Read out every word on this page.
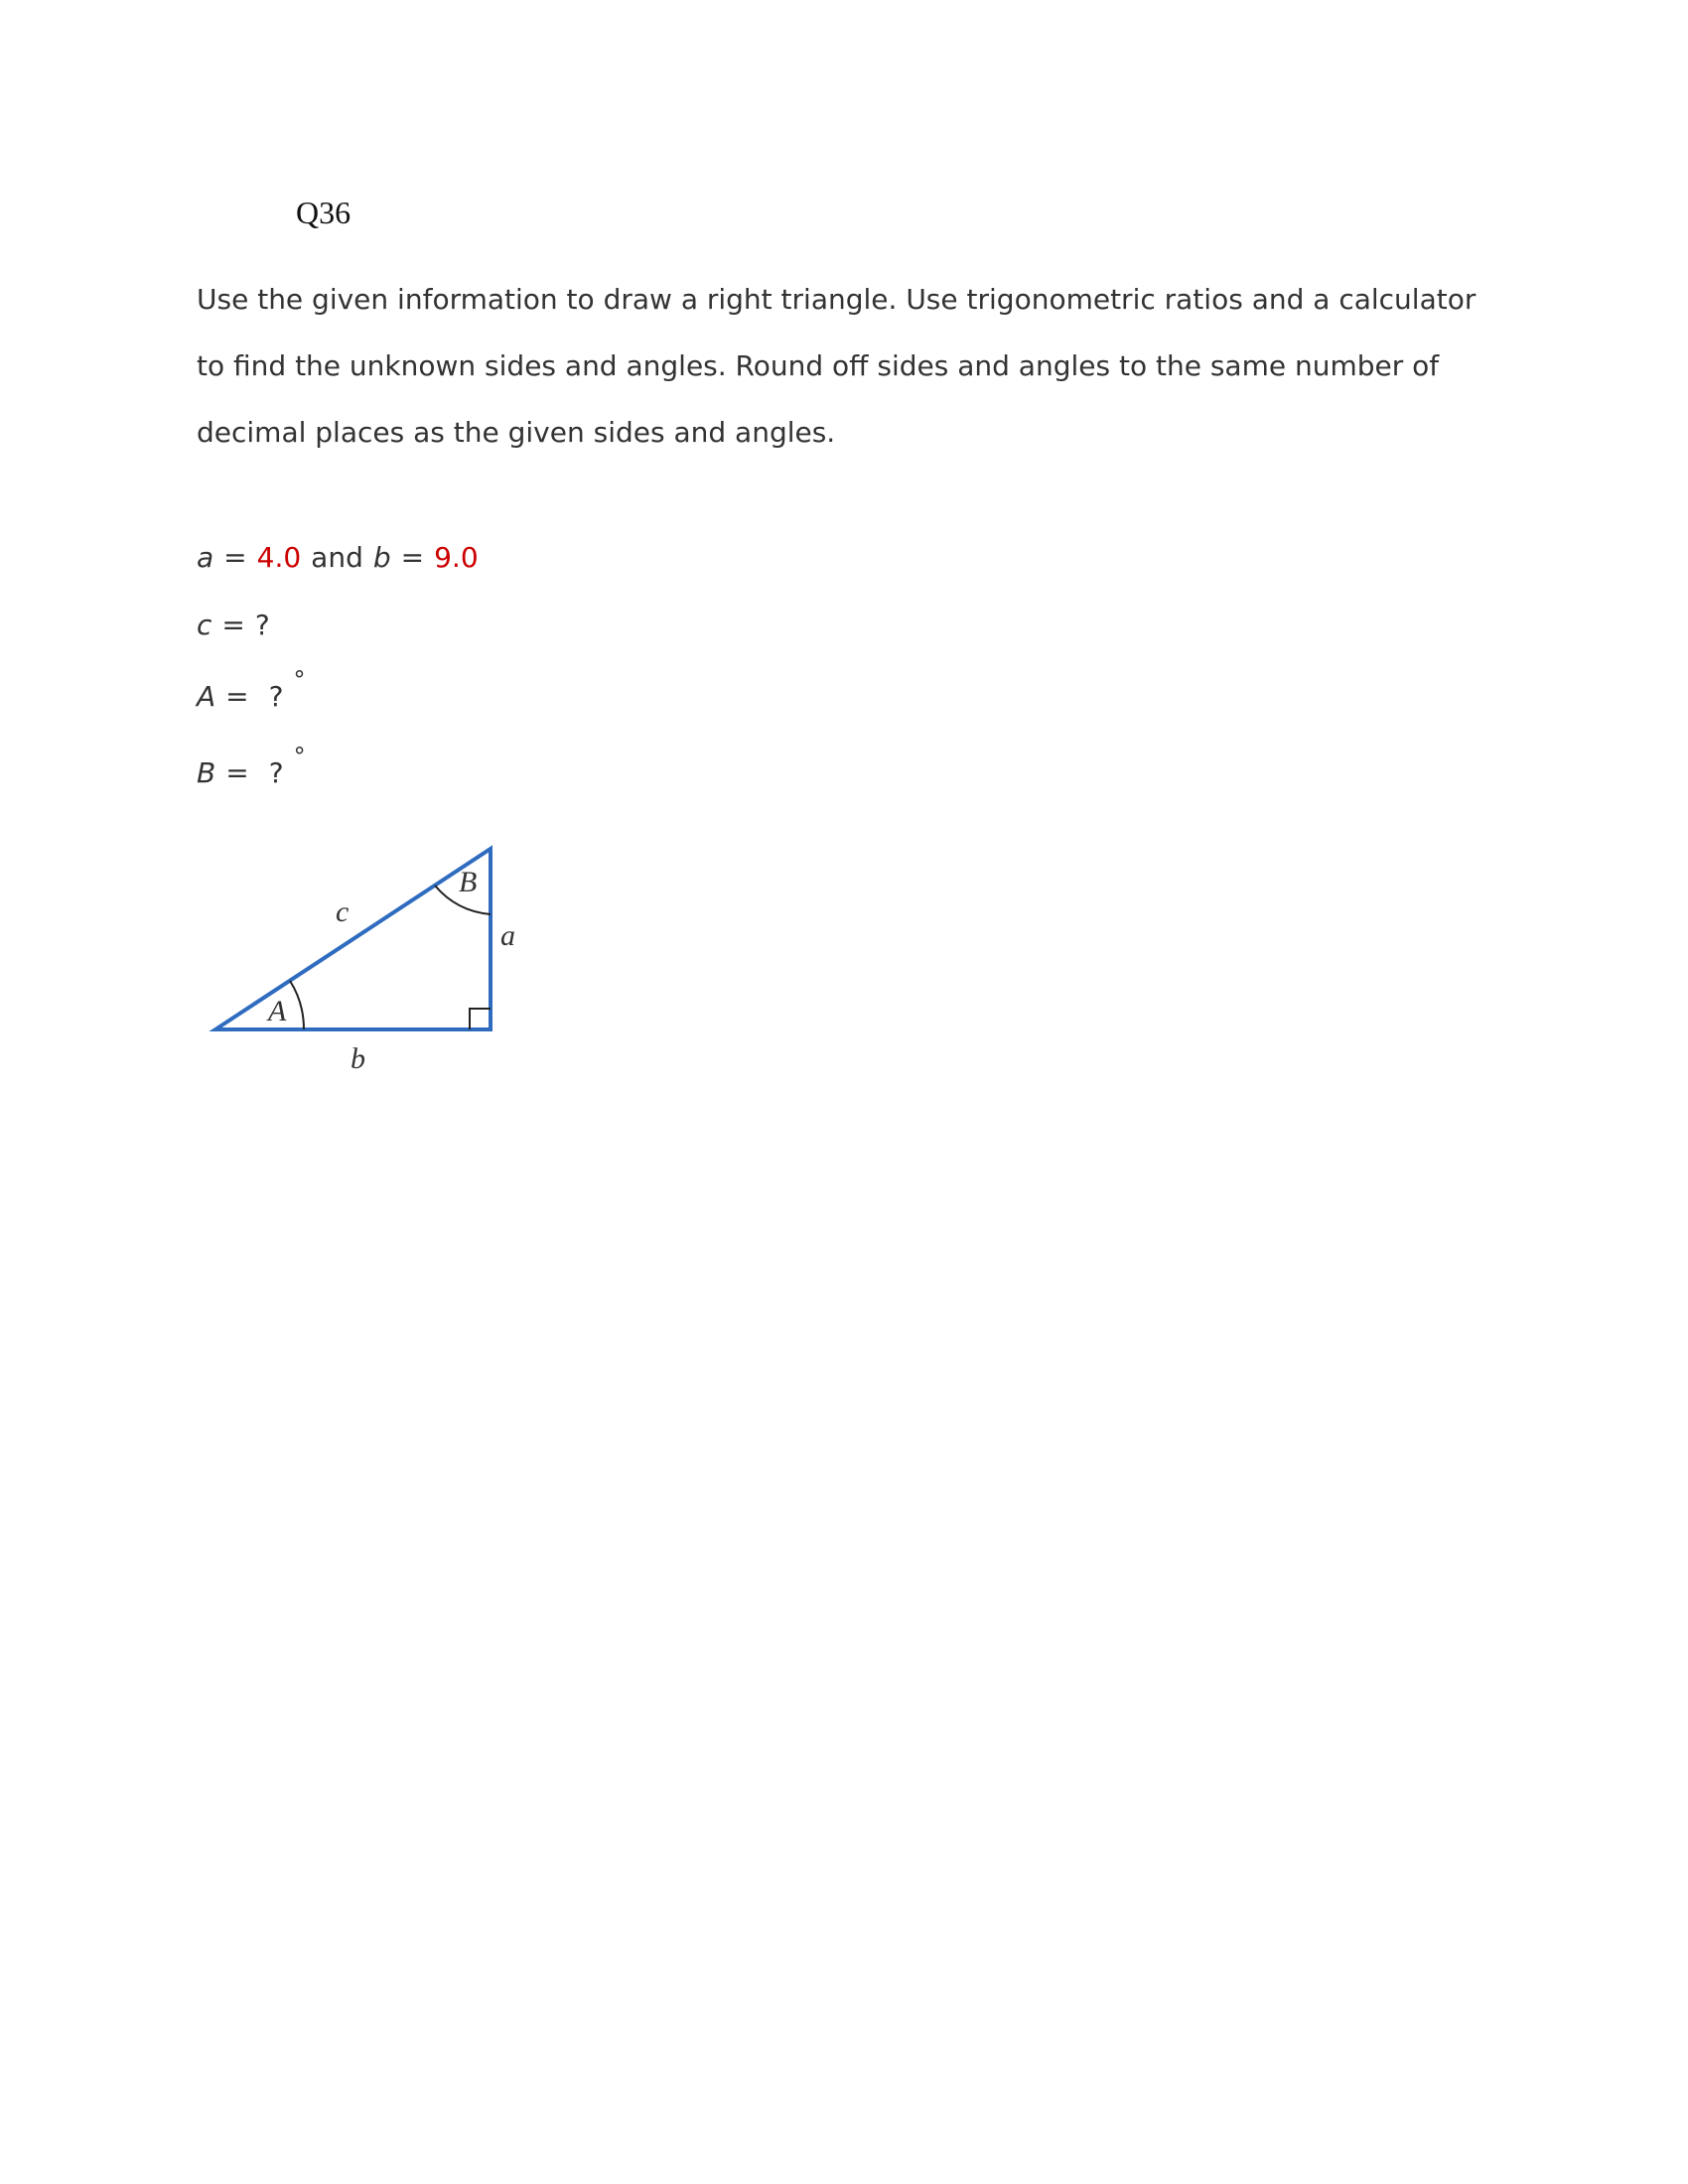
Q36
Use the given information to draw a right triangle. Use trigonometric ratios and a calculator
to find the unknown sides and angles. Round off sides and angles to the same number of
decimal places as the given sides and angles.
a = 4.0 and b = 9.0
c = ?
A = ? °
B = ? °
c
B
a
A
b
